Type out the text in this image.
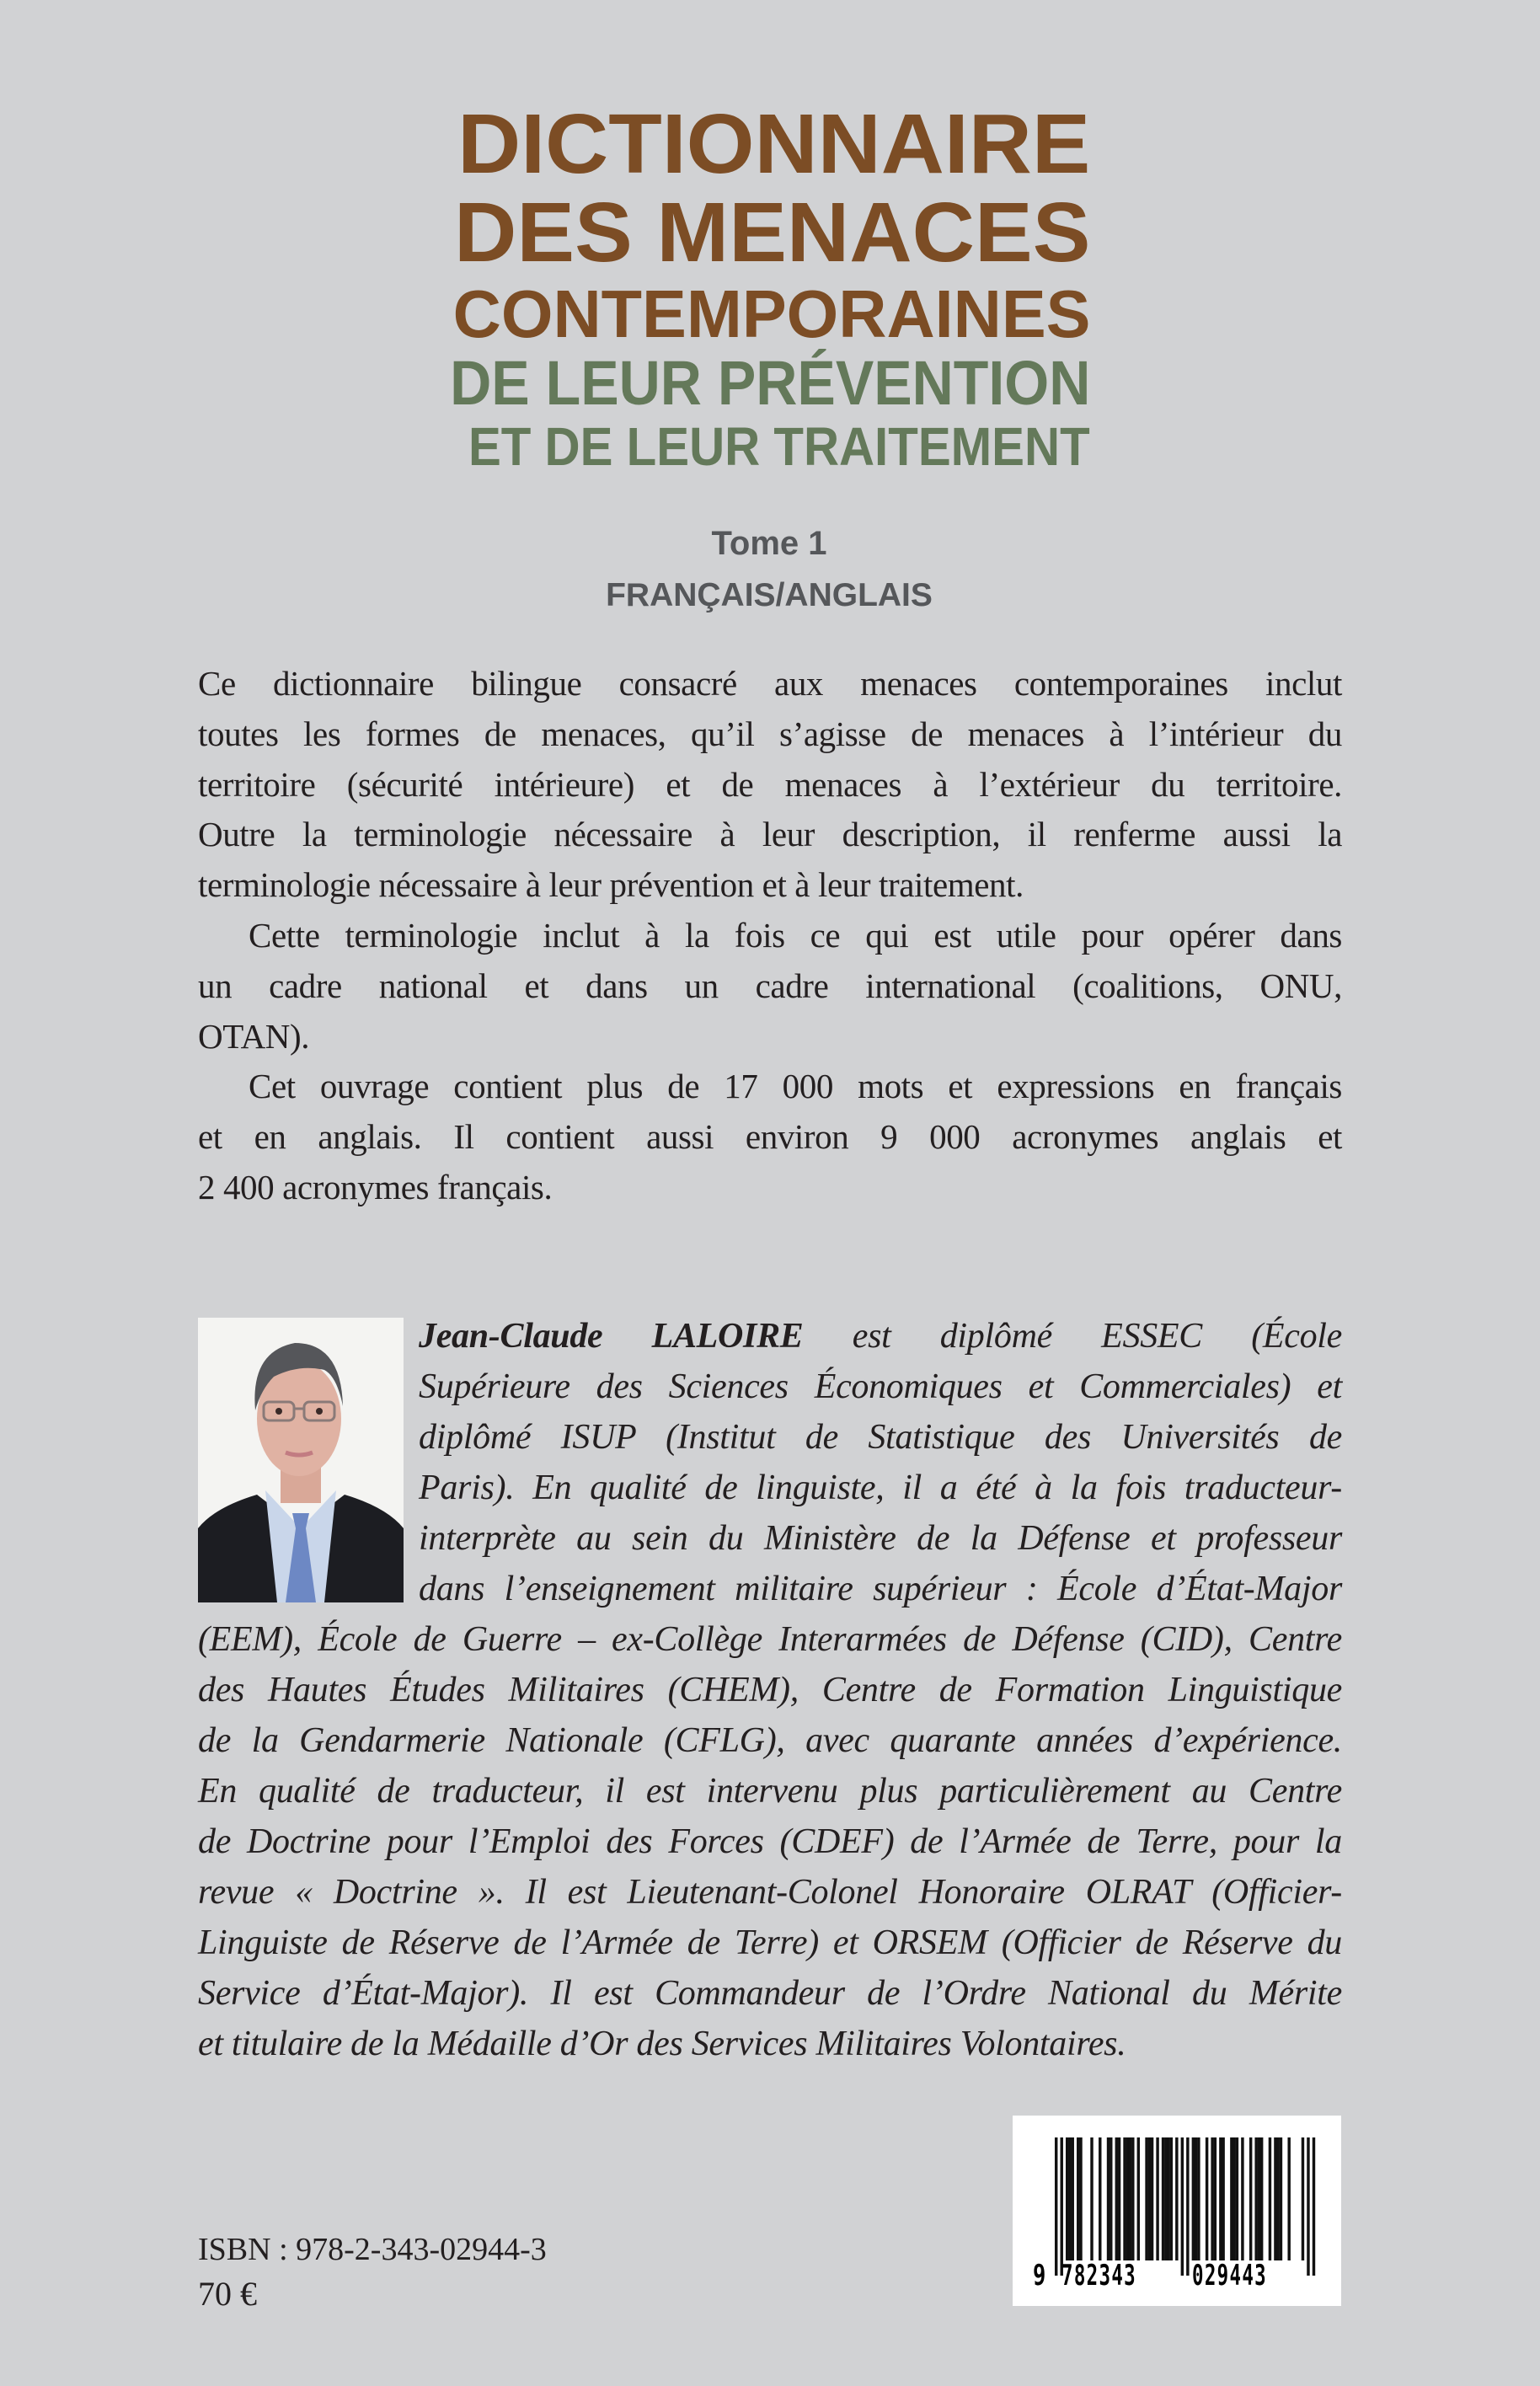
DICTIONNAIRE
DES MENACES
CONTEMPORAINES
DE LEUR PRÉVENTION
ET DE LEUR TRAITEMENT
Tome 1
FRANÇAIS/ANGLAIS
Ce dictionnaire bilingue consacré aux menaces contemporaines inclut
toutes les formes de menaces, qu’il s’agisse de menaces à l’intérieur du
territoire (sécurité intérieure) et de menaces à l’extérieur du territoire.
Outre la terminologie nécessaire à leur description, il renferme aussi la
terminologie nécessaire à leur prévention et à leur traitement.
Cette terminologie inclut à la fois ce qui est utile pour opérer dans
un cadre national et dans un cadre international (coalitions, ONU,
OTAN).
Cet ouvrage contient plus de 17 000 mots et expressions en français
et en anglais. Il contient aussi environ 9 000 acronymes anglais et
2 400 acronymes français.
Jean-Claude LALOIRE est diplômé ESSEC (École
Supérieure des Sciences Économiques et Commerciales) et
diplômé ISUP (Institut de Statistique des Universités de
Paris). En qualité de linguiste, il a été à la fois traducteur-
interprète au sein du Ministère de la Défense et professeur
dans l’enseignement militaire supérieur : École d’État-Major
(EEM), École de Guerre – ex-Collège Interarmées de Défense (CID), Centre
des Hautes Études Militaires (CHEM), Centre de Formation Linguistique
de la Gendarmerie Nationale (CFLG), avec quarante années d’expérience.
En qualité de traducteur, il est intervenu plus particulièrement au Centre
de Doctrine pour l’Emploi des Forces (CDEF) de l’Armée de Terre, pour la
revue « Doctrine ». Il est Lieutenant-Colonel Honoraire OLRAT (Officier-
Linguiste de Réserve de l’Armée de Terre) et ORSEM (Officier de Réserve du
Service d’État-Major). Il est Commandeur de l’Ordre National du Mérite
et titulaire de la Médaille d’Or des Services Militaires Volontaires.
ISBN : 978-2-343-02944-3
70 €	9 782343 029443
